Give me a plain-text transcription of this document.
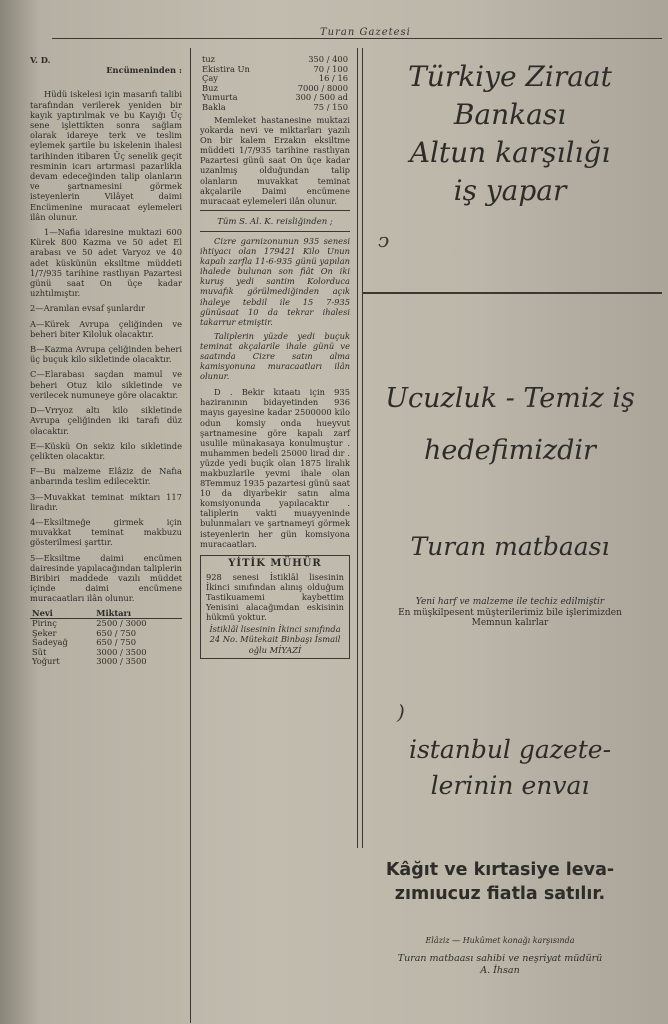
Turan Gazetesi
V. D.
Encümeninden :

Hüdü iskelesi için masarıfı talibi tarafından verilerek yeniden bir kayık yaptırılmak ve bu Kayığı Üç sene işlettikten sonra sağlam olarak idareye terk ve teslim eylemek şartile bu iskelenin ihalesi tarihinden itibaren Üç senelik geçit resminin icarı artırmasi pazarlikla devam edeceğinden talip olanların ve şartnamesini görmek isteyenlerin Vilâyet daimi Encümenine muracaat eylemeleri ilân olunur.

1—Nafia idaresine muktazi 600 Kürek 800 Kazma ve 50 adet El arabası ve 50 adet Varyoz ve 40 adet küskünün eksiltme müddeti 1/7/935 tarihine rastlıyan Pazartesi günü saat On üçe kadar uzhtılmıştır.

2—Aranılan evsaf şunlardır

A—Kürek Avrupa çeliğinden ve beheri biter Kiloluk olacaktır.

B—Kazma Avrupa çeliğinden beheri üç buçuk kilo sikletinde olacaktır.

C—Elarabası saçdan mamul ve beheri Otuz kilo sikletinde ve verilecek numuneye göre olacaktır.

D—Vrryoz altı kilo sikletinde Avrupa çeliğinden iki tarafı düz olacaktır.

E—Küskü On sekiz kilo sikletinde çelikten olacaktır.

F—Bu malzeme Elâziz de Nafıa anbarında teslim edilecektir.

3—Muvakkat teminat miktarı 117 liradır.

4—Eksiltmeğe girmek için muvakkat teminat makbuzu gösterilmesi şarttır.

5—Eksiltme daimi encümen dairesinde yapılacağından taliplerin Biribiri maddede vazılı müddet içinde daimi encümene muracaatları ilân olunur.

Nevi	Miktarı
Pirinç	2500 / 3000
Şeker	650 / 750
Sadeyağ	650 / 750
Süt	3000 / 3500
Yoğurt	3000 / 3500
tuz	350 / 400
Ekistira Un	70 / 100
Çay	16 / 16
Buz	7000 / 8000
Yumurta	300 / 500 ad
Bakla	75 / 150

Memleket hastanesine muktazi yokarda nevi ve miktarları yazılı On bir kalem Erzakın eksiltme müddeti 1/7/935 tarihine rastlıyan Pazartesi günü saat On üçe kadar uzanlmış olduğundan talip olanların muvakkat teminat akçalarile Daimi encümene muracaat eylemeleri ilân olunur.

Tüm S. Al. K. reisliğinden ;

Cizre garnizonunun 935 senesi ihtiyacı olan 179421 Kilo Unun kapalı zarfla 11-6-935 günü yapılan ihalede bulunan son fiât On iki kuruş yedi santim Kolorduca muvafık görülmediğinden açık ihaleye tebdil ile 15 7-935 günüsaat 10 da tekrar ihalesi takarrur etmiştir.

Taliplerin yüzde yedi buçuk teminat akçalarile ihale günü ve saatında Cizre satın alma kamisyonuna muracaatları ilân olunur.

D . Bekir kıtaatı için 935 haziranının bidayetinden 936 mayıs gayesine kadar 2500000 kilo odun komsiy onda hueyvut şartnamesine göre kapalı zarf usulile münakasaya konulmuştur . muhammen bedeli 25000 lirad dır . yüzde yedi buçik olan 1875 liralık makbuzlarile yevmi ihale olan 8Temmuz 1935 pazartesi günü saat 10 da diyarbekir satın alma komsiyonunda yapılacaktır . taliplerin vakti muayyeninde bulunmaları ve şartnameyi görmek isteyenlerin her gün komsiyona muracaatları.

YİTİK MÜHÜR
928 senesi İstiklâl lisesinin İkinci sınıfından alınış olduğum Tastikuamemi kaybettim Yenisini alacağımdan eskisinin hükmü yoktur.
İstiklâl lisesinin İkinci sınıfında 24 No. Mütekait Binbaşı İsmail oğlu MİYAZİ
Türkiye Ziraat
Bankası
Altun karşılığı
iş yapar
ↄ
Ucuzluk - Temiz iş
hedefimizdir
Turan matbaası
Yeni harf ve malzeme ile techiz edilmiştir
En müşkilpesent müşterilerimiz bile işlerimizden
Memnun kalırlar
)
istanbul gazete-
lerinin envaı
Kâğıt ve kırtasiye leva-
zımıucuz fiatla satılır.
Elâziz — Hukûmet konağı karşısında
Turan matbaası sahibi ve neşriyat müdürü
A. İhsan
